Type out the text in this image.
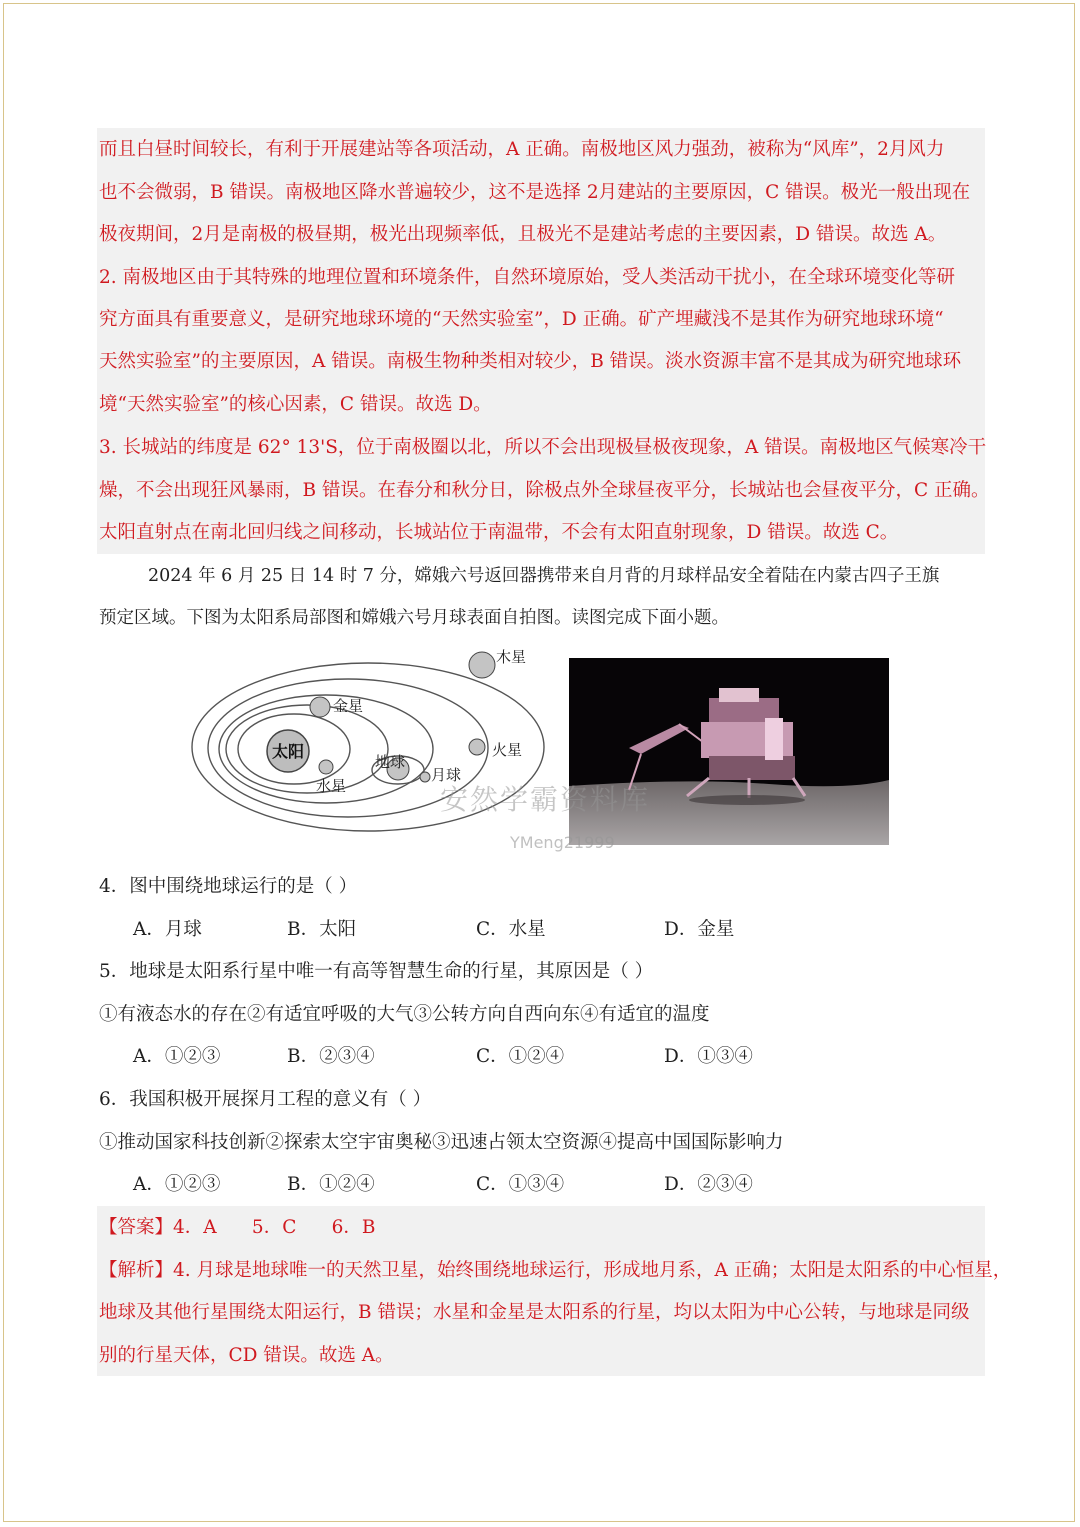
而且白昼时间较长，有利于开展建站等各项活动，A 正确。南极地区风力强劲，被称为“风库”，2月风力
也不会微弱，B 错误。南极地区降水普遍较少，这不是选择 2月建站的主要原因，C 错误。极光一般出现在
极夜期间，2月是南极的极昼期，极光出现频率低，且极光不是建站考虑的主要因素，D 错误。故选 A。
2. 南极地区由于其特殊的地理位置和环境条件，自然环境原始，受人类活动干扰小，在全球环境变化等研
究方面具有重要意义，是研究地球环境的“天然实验室”，D 正确。矿产埋藏浅不是其作为研究地球环境“
天然实验室”的主要原因，A 错误。南极生物种类相对较少，B 错误。淡水资源丰富不是其成为研究地球环
境“天然实验室”的核心因素，C 错误。故选 D。
3. 长城站的纬度是 62° 13'S，位于南极圈以北，所以不会出现极昼极夜现象，A 错误。南极地区气候寒冷干
燥，不会出现狂风暴雨，B 错误。在春分和秋分日，除极点外全球昼夜平分，长城站也会昼夜平分，C 正确。
太阳直射点在南北回归线之间移动，长城站位于南温带，不会有太阳直射现象，D 错误。故选 C。
2024 年 6 月 25 日 14 时 7 分，嫦娥六号返回器携带来自月背的月球样品安全着陆在内蒙古四子王旗
预定区域。下图为太阳系局部图和嫦娥六号月球表面自拍图。读图完成下面小题。
太阳
水星
金星
地球
月球
火星
木星
安然学霸资料库
YMeng21999
4．图中围绕地球运行的是（ ）
A．月球	B．太阳	C．水星	D．金星
5．地球是太阳系行星中唯一有高等智慧生命的行星，其原因是（ ）
①有液态水的存在②有适宜呼吸的大气③公转方向自西向东④有适宜的温度
A．①②③	B．②③④	C．①②④	D．①③④
6．我国积极开展探月工程的意义有（ ）
①推动国家科技创新②探索太空宇宙奥秘③迅速占领太空资源④提高中国国际影响力
A．①②③	B．①②④	C．①③④	D．②③④
【答案】4．A      5．C      6．B
【解析】4. 月球是地球唯一的天然卫星，始终围绕地球运行，形成地月系，A 正确；太阳是太阳系的中心恒星，
地球及其他行星围绕太阳运行，B 错误；水星和金星是太阳系的行星，均以太阳为中心公转，与地球是同级
别的行星天体，CD 错误。故选 A。
